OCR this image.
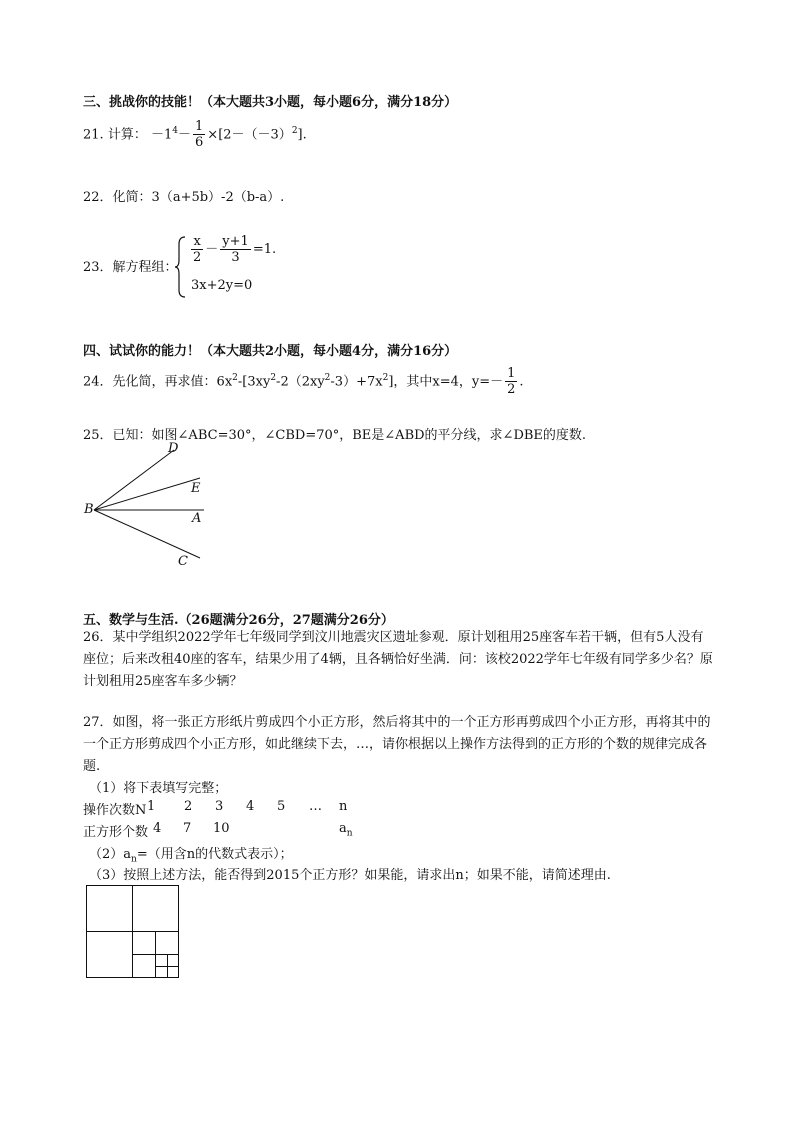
三、挑战你的技能！（本大题共3小题，每小题6分，满分18分）
21. 计算： $-1^4- \frac{1}{6} \times[2-(-3)^2]$.
22．化简：3（a+5b）-2（b-a）.
23．解方程组：
$\frac{x}{2} - \frac{y+1}{3} =1$.
3x+2y=0
四、试试你的能力！（本大题共2小题，每小题4分，满分16分）
24．先化简，再求值：$6x^2-[3xy^2-2(2xy^2-3)+7x^2]$，其中x=4，$y=- \frac{1}{2}$ .
25．已知：如图∠ABC=30°，∠CBD=70°，BE是∠ABD的平分线，求∠DBE的度数.
D
E
B
A
C
五、数学与生活.（26题满分26分，27题满分26分）
26．某中学组织2022学年七年级同学到汶川地震灾区遗址参观．原计划租用25座客车若干辆，但有5人没有座位；后来改租40座的客车，结果少用了4辆，且各辆恰好坐满．问：该校2022学年七年级有同学多少名？原计划租用25座客车多少辆？
27．如图，将一张正方形纸片剪成四个小正方形，然后将其中的一个正方形再剪成四个小正方形，再将其中的一个正方形剪成四个小正方形，如此继续下去，…，请你根据以上操作方法得到的正方形的个数的规律完成各题.
（1）将下表填写完整；
操作次数N 1 2 3 4 5 … n
正方形个数 4 7 10	$a_n$
$(2)a_n=$（用含n的代数式表示）；
（3）按照上述方法，能否得到2015个正方形？如果能，请求出n；如果不能，请简述理由.
